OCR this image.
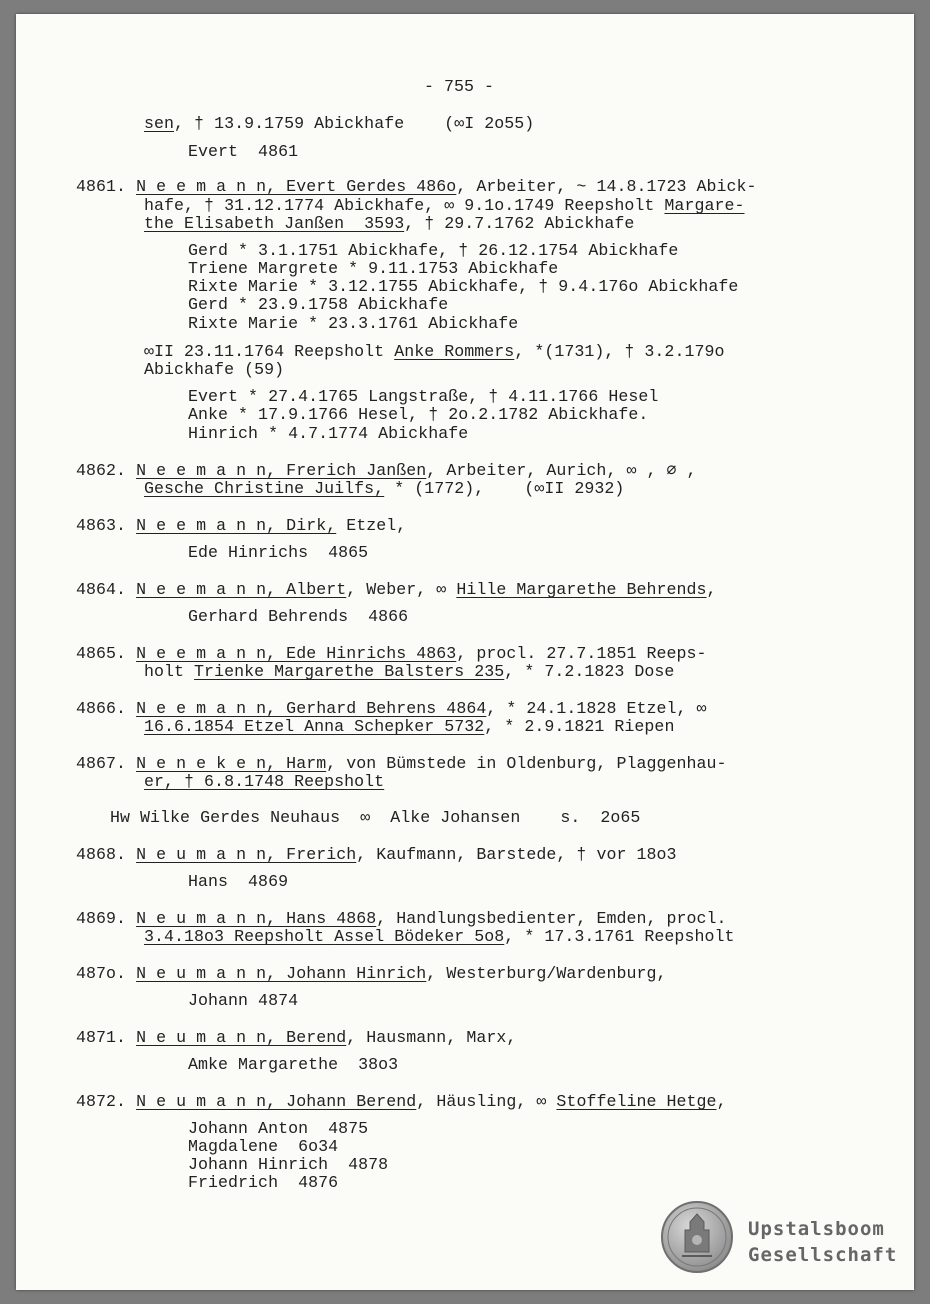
- 755 -
sen, † 13.9.1759 Abickhafe    (∞I 2o55)
Evert  4861
4861. N e e m a n n, Evert Gerdes 486o, Arbeiter, ~ 14.8.1723 Abick-
hafe, † 31.12.1774 Abickhafe, ∞ 9.1o.1749 Reepsholt Margare-
the Elisabeth Janßen  3593, † 29.7.1762 Abickhafe
Gerd * 3.1.1751 Abickhafe, † 26.12.1754 Abickhafe
Triene Margrete * 9.11.1753 Abickhafe
Rixte Marie * 3.12.1755 Abickhafe, † 9.4.176o Abickhafe
Gerd * 23.9.1758 Abickhafe
Rixte Marie * 23.3.1761 Abickhafe
∞II 23.11.1764 Reepsholt Anke Rommers, *(1731), † 3.2.179o
Abickhafe (59)
Evert * 27.4.1765 Langstraße, † 4.11.1766 Hesel
Anke * 17.9.1766 Hesel, † 2o.2.1782 Abickhafe.
Hinrich * 4.7.1774 Abickhafe
4862. N e e m a n n, Frerich Janßen, Arbeiter, Aurich, ∞ , ⌀ ,
Gesche Christine Juilfs, * (1772),    (∞II 2932)
4863. N e e m a n n, Dirk, Etzel,
Ede Hinrichs  4865
4864. N e e m a n n, Albert, Weber, ∞ Hille Margarethe Behrends,
Gerhard Behrends  4866
4865. N e e m a n n, Ede Hinrichs 4863, procl. 27.7.1851 Reeps-
holt Trienke Margarethe Balsters 235, * 7.2.1823 Dose
4866. N e e m a n n, Gerhard Behrens 4864, * 24.1.1828 Etzel, ∞
16.6.1854 Etzel Anna Schepker 5732, * 2.9.1821 Riepen
4867. N e n e k e n, Harm, von Bümstede in Oldenburg, Plaggenhau-
er, † 6.8.1748 Reepsholt
Hw Wilke Gerdes Neuhaus  ∞  Alke Johansen    s.  2o65
4868. N e u m a n n, Frerich, Kaufmann, Barstede, † vor 18o3
Hans  4869
4869. N e u m a n n, Hans 4868, Handlungsbedienter, Emden, procl.
3.4.18o3 Reepsholt Assel Bödeker 5o8, * 17.3.1761 Reepsholt
487o. N e u m a n n, Johann Hinrich, Westerburg/Wardenburg,
Johann 4874
4871. N e u m a n n, Berend, Hausmann, Marx,
Amke Margarethe  38o3
4872. N e u m a n n, Johann Berend, Häusling, ∞ Stoffeline Hetge,
Johann Anton  4875
Magdalene  6o34
Johann Hinrich  4878
Friedrich  4876
Upstalsboom
Gesellschaft
